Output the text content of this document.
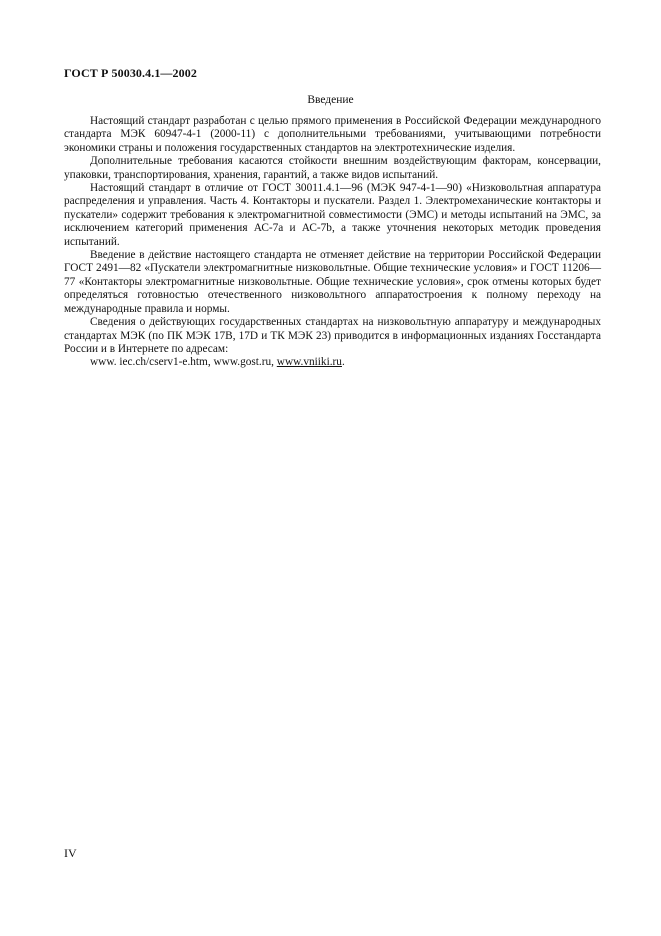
ГОСТ Р 50030.4.1—2002
Введение

Настоящий стандарт разработан с целью прямого применения в Российской Федерации международного стандарта МЭК 60947-4-1 (2000-11) с дополнительными требованиями, учитывающими потребности экономики страны и положения государственных стандартов на электротехнические изделия.

Дополнительные требования касаются стойкости внешним воздействующим факторам, консервации, упаковки, транспортирования, хранения, гарантий, а также видов испытаний.

Настоящий стандарт в отличие от ГОСТ 30011.4.1—96 (МЭК 947-4-1—90) «Низковольтная аппаратура распределения и управления. Часть 4. Контакторы и пускатели. Раздел 1. Электромеханические контакторы и пускатели» содержит требования к электромагнитной совместимости (ЭМС) и методы испытаний на ЭМС, за исключением категорий применения АС-7а и АС-7b, а также уточнения некоторых методик проведения испытаний.

Введение в действие настоящего стандарта не отменяет действие на территории Российской Федерации ГОСТ 2491—82 «Пускатели электромагнитные низковольтные. Общие технические условия» и ГОСТ 11206—77 «Контакторы электромагнитные низковольтные. Общие технические условия», срок отмены которых будет определяться готовностью отечественного низковольтного аппаратостроения к полному переходу на международные правила и нормы.

Сведения о действующих государственных стандартах на низковольтную аппаратуру и международных стандартах МЭК (по ПК МЭК 17В, 17D и ТК МЭК 23) приводится в информационных изданиях Госстандарта России и в Интернете по адресам:

www. iec.ch/cserv1-e.htm, www.gost.ru, www.vniiki.ru.
IV
